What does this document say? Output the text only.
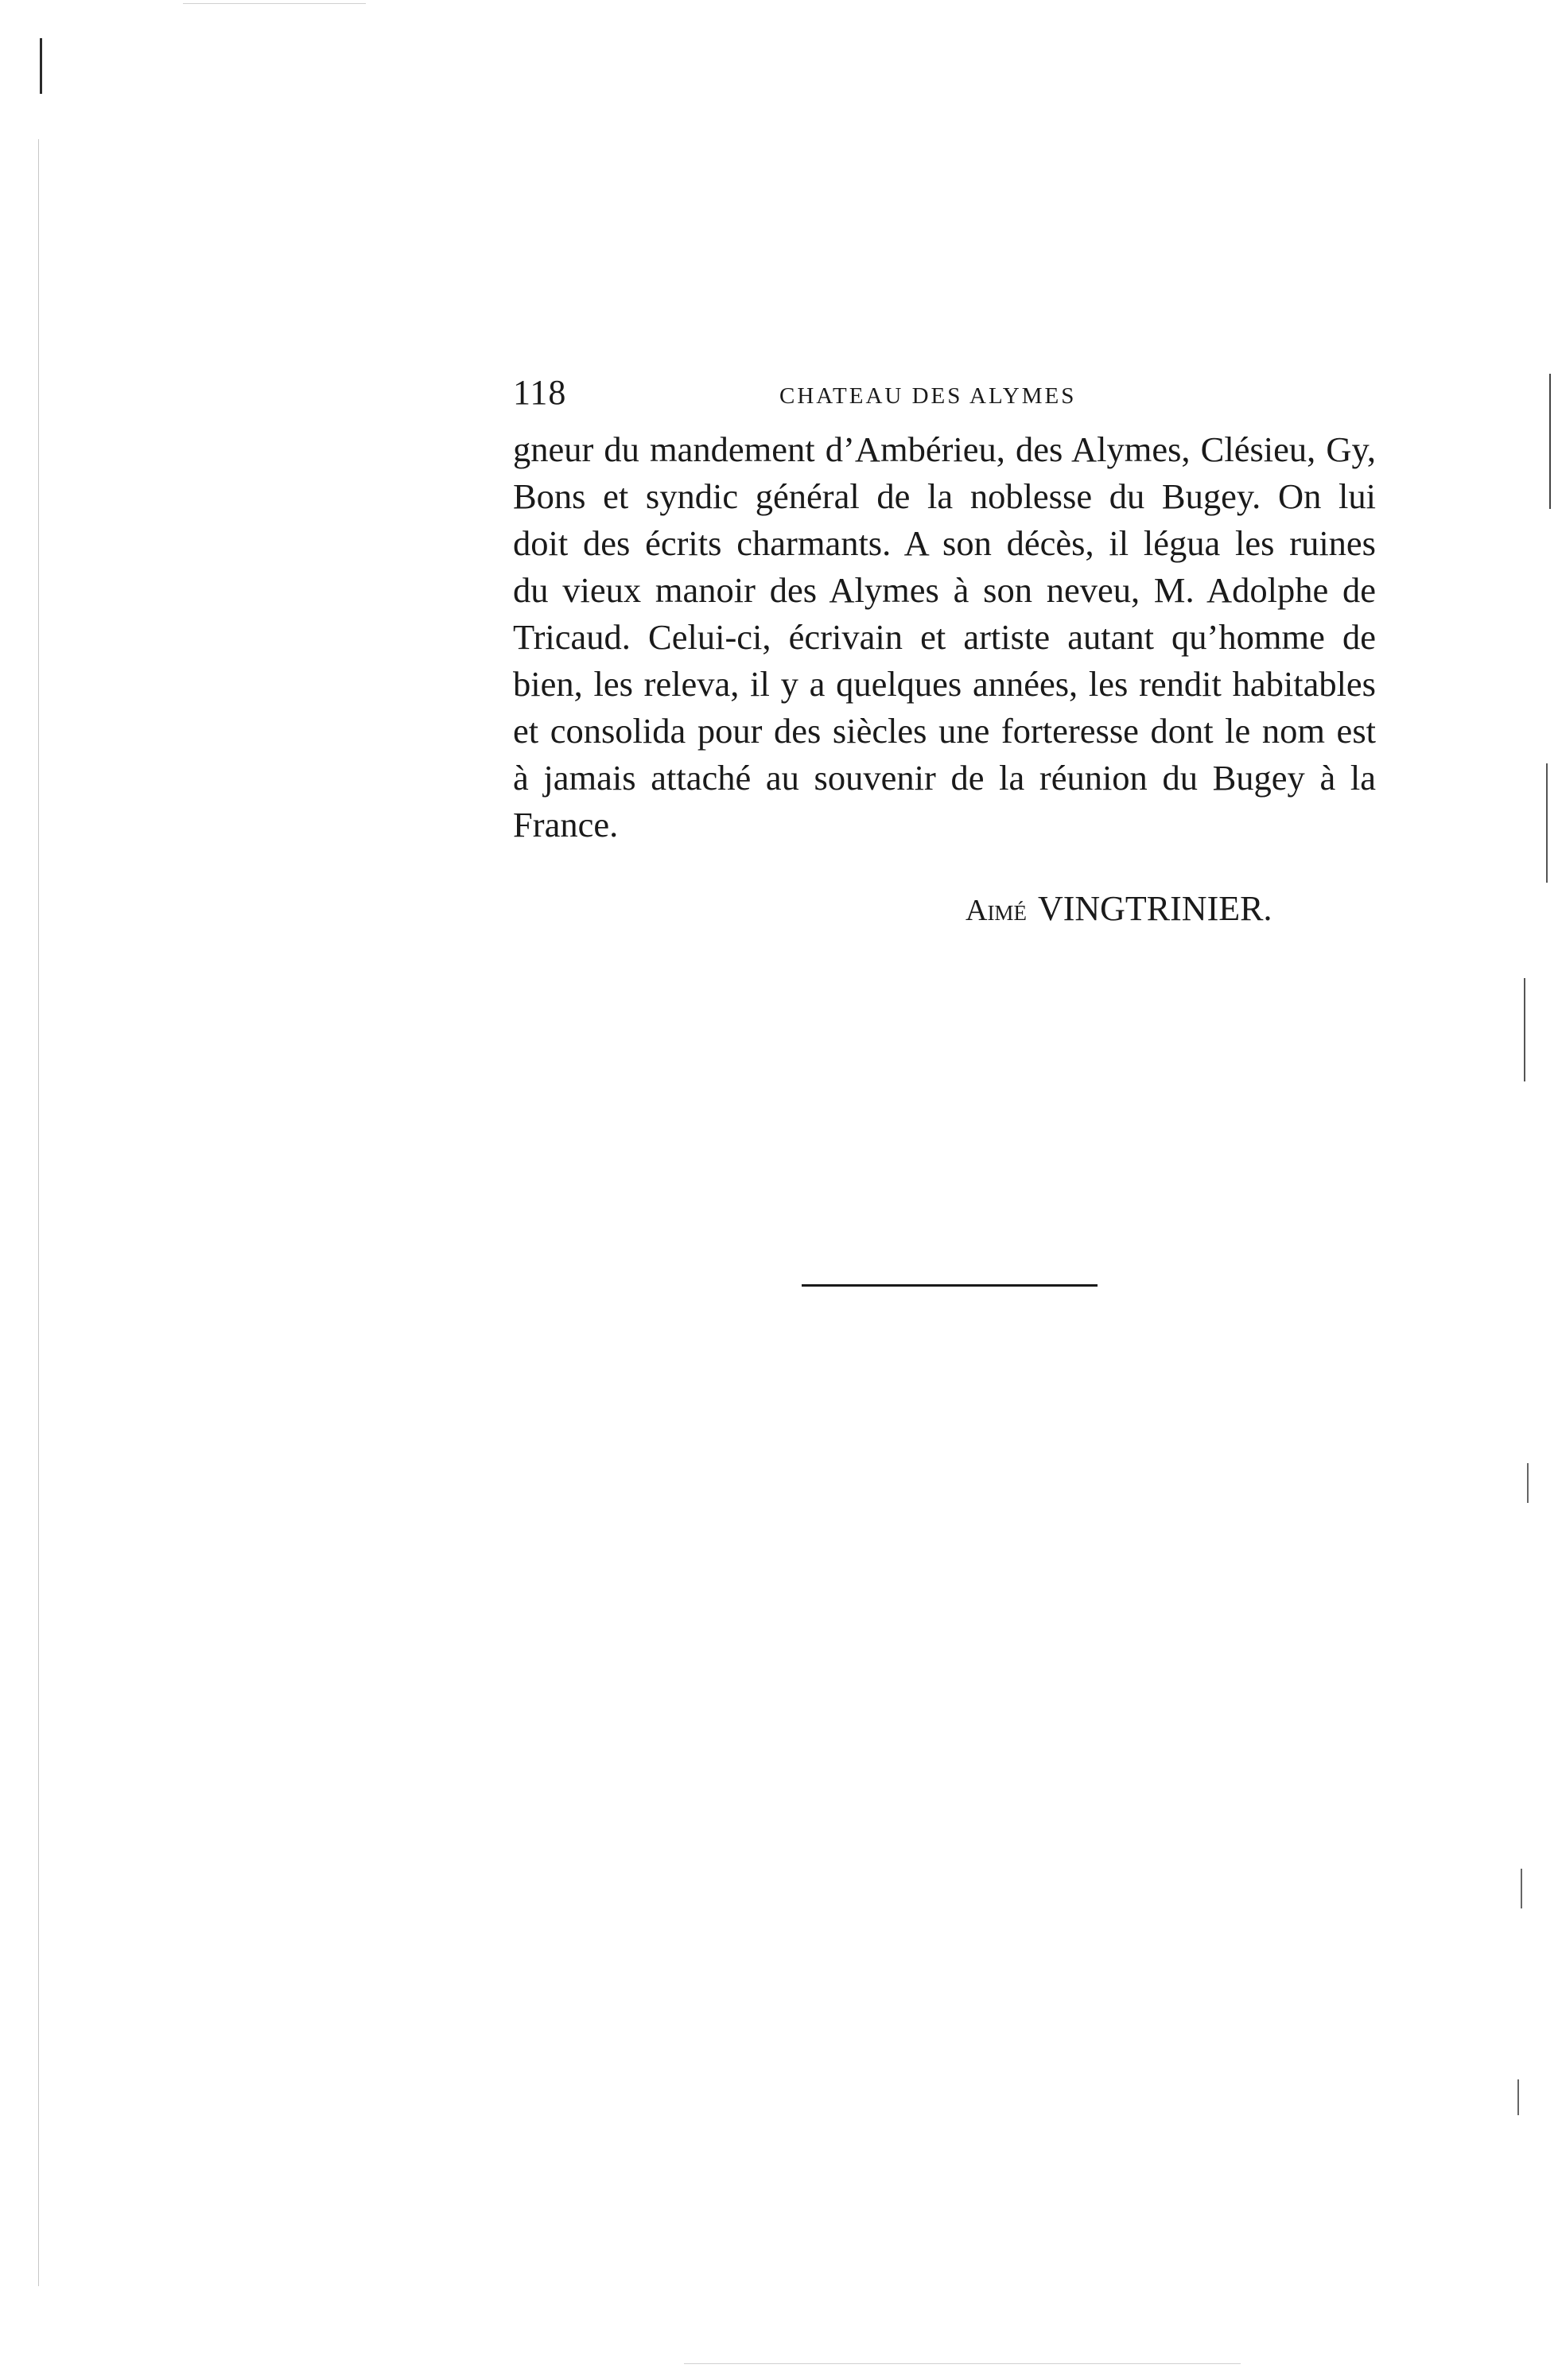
118	CHATEAU DES ALYMES

gneur du mandement d’Ambérieu, des Alymes, Clésieu, Gy,
Bons et syndic général de la noblesse du Bugey. On lui
doit des écrits charmants. A son décès, il légua les ruines
du vieux manoir des Alymes à son neveu, M. Adolphe de
Tricaud. Celui-ci, écrivain et artiste autant qu’homme de
bien, les releva, il y a quelques années, les rendit habitables
et consolida pour des siècles une forteresse dont le nom est
à jamais attaché au souvenir de la réunion du Bugey à la
France.

Aimé VINGTRINIER.
